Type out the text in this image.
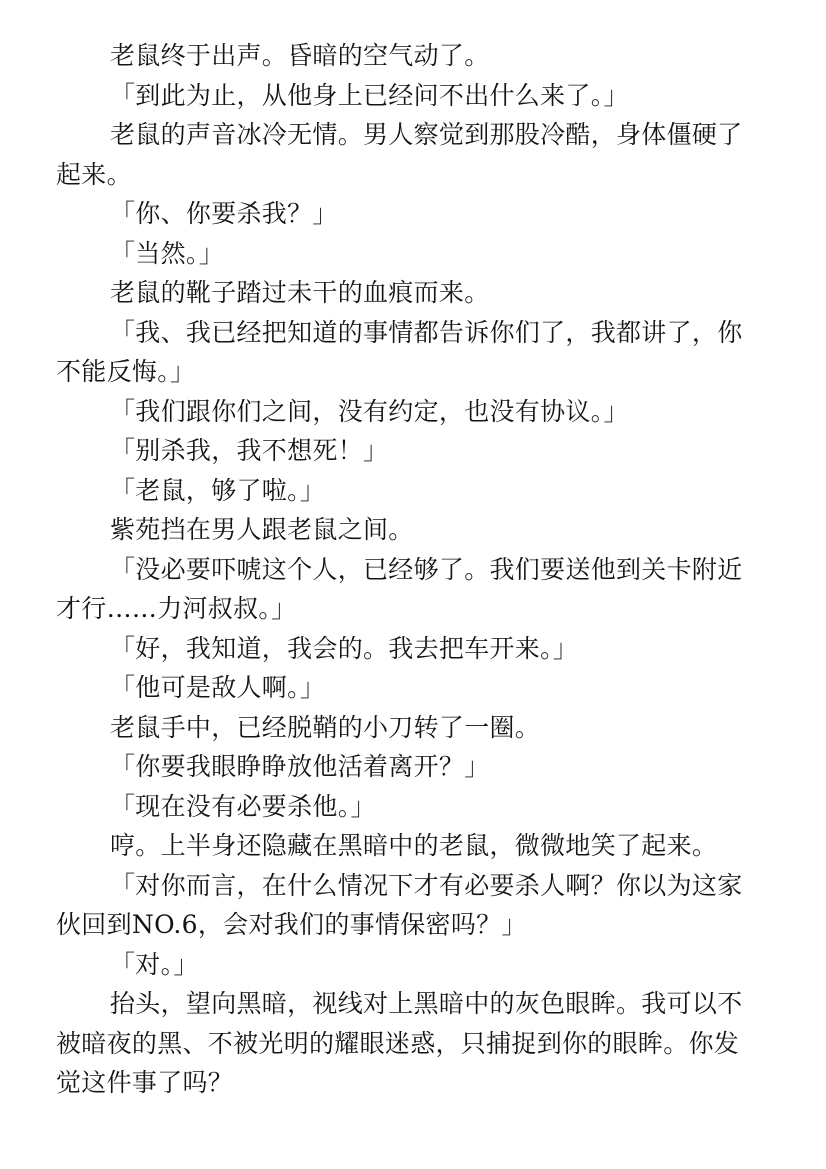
老鼠终于出声。昏暗的空气动了。

「到此为止，从他身上已经问不出什么来了。」

老鼠的声音冰冷无情。男人察觉到那股冷酷，身体僵硬了起来。

「你、你要杀我？」

「当然。」

老鼠的靴子踏过未干的血痕而来。

「我、我已经把知道的事情都告诉你们了，我都讲了，你不能反悔。」

「我们跟你们之间，没有约定，也没有协议。」

「别杀我，我不想死！」

「老鼠，够了啦。」

紫苑挡在男人跟老鼠之间。

「没必要吓唬这个人，已经够了。我们要送他到关卡附近才行……力河叔叔。」

「好，我知道，我会的。我去把车开来。」

「他可是敌人啊。」

老鼠手中，已经脱鞘的小刀转了一圈。

「你要我眼睁睁放他活着离开？」

「现在没有必要杀他。」

哼。上半身还隐藏在黑暗中的老鼠，微微地笑了起来。

「对你而言，在什么情况下才有必要杀人啊？你以为这家伙回到NO.6，会对我们的事情保密吗？」

「对。」

抬头，望向黑暗，视线对上黑暗中的灰色眼眸。我可以不被暗夜的黑、不被光明的耀眼迷惑，只捕捉到你的眼眸。你发觉这件事了吗？
